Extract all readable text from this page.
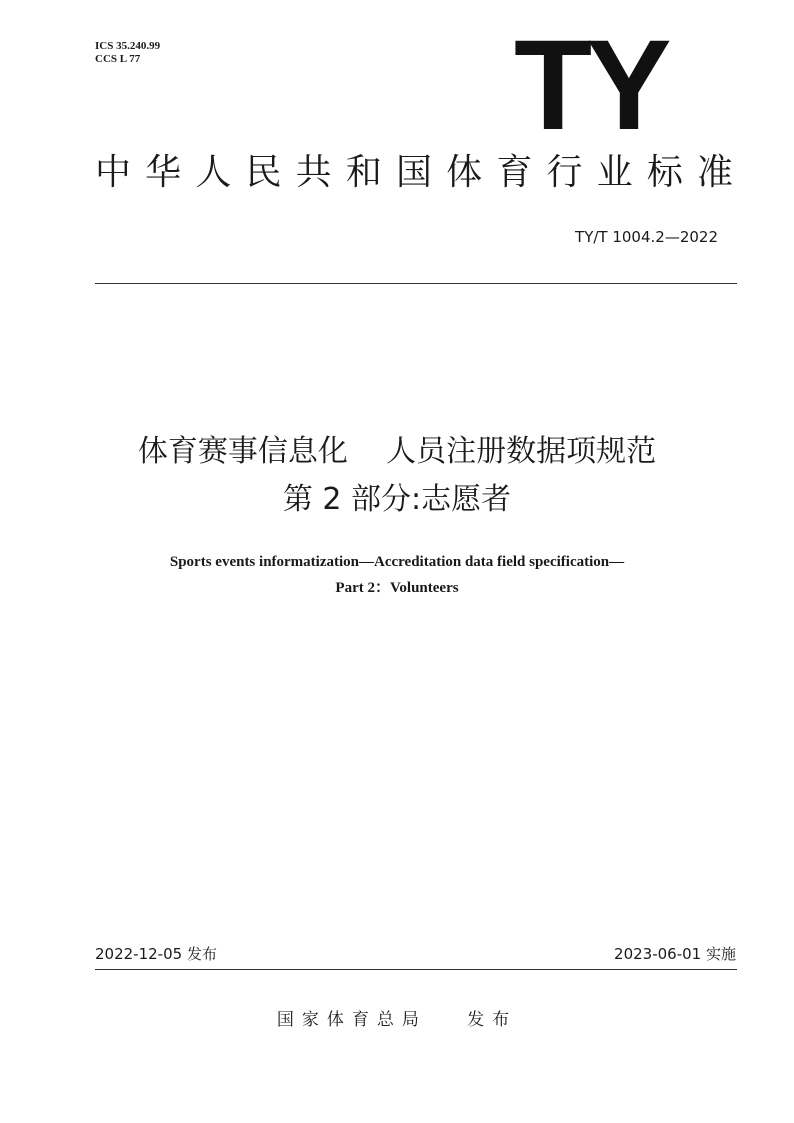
ICS 35.240.99
CCS L 77	TY
中华人民共和国体育行业标准
TY/T 1004.2—2022
体育赛事信息化    人员注册数据项规范
第 2 部分:志愿者
Sports events informatization—Accreditation data field specification—
Part 2：Volunteers
2022-12-05 发布	2023-06-01 实施
国家体育总局   发布
